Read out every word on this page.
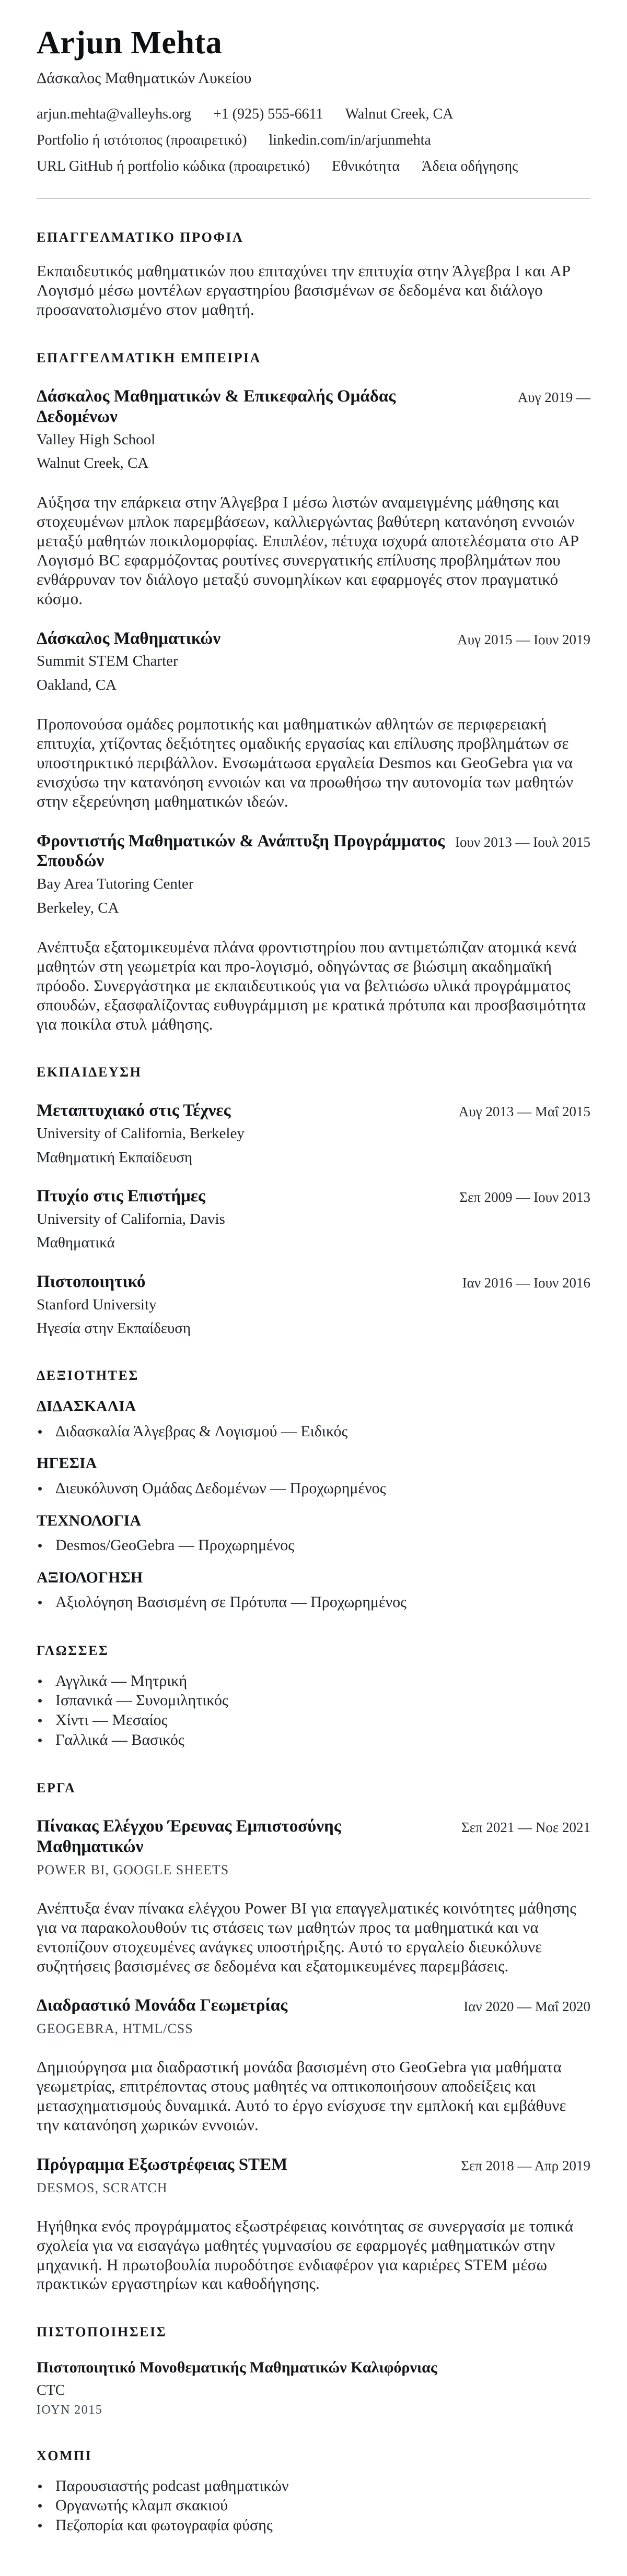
Arjun Mehta
Δάσκαλος Μαθηματικών Λυκείου
arjun.mehta@valleyhs.org +1 (925) 555-6611 Walnut Creek, CA
Portfolio ή ιστότοπος (προαιρετικό) linkedin.com/in/arjunmehta
URL GitHub ή portfolio κώδικα (προαιρετικό) Εθνικότητα Άδεια οδήγησης
ΕΠΑΓΓΕΛΜΑΤΙΚΟ ΠΡΟΦΙΛ

Εκπαιδευτικός μαθηματικών που επιταχύνει την επιτυχία στην Άλγεβρα I και AP Λογισμό μέσω μοντέλων εργαστηρίου βασισμένων σε δεδομένα και διάλογο προσανατολισμένο στον μαθητή.

ΕΠΑΓΓΕΛΜΑΤΙΚΗ ΕΜΠΕΙΡΙΑ
Δάσκαλος Μαθηματικών & Επικεφαλής Ομάδας Δεδομένων
Αυγ 2019 —
Valley High School
Walnut Creek, CA

Αύξησα την επάρκεια στην Άλγεβρα I μέσω λιστών αναμειγμένης μάθησης και στοχευμένων μπλοκ παρεμβάσεων, καλλιεργώντας βαθύτερη κατανόηση εννοιών μεταξύ μαθητών ποικιλομορφίας. Επιπλέον, πέτυχα ισχυρά αποτελέσματα στο AP Λογισμό BC εφαρμόζοντας ρουτίνες συνεργατικής επίλυσης προβλημάτων που ενθάρρυναν τον διάλογο μεταξύ συνομηλίκων και εφαρμογές στον πραγματικό κόσμο.

Δάσκαλος Μαθηματικών	Αυγ 2015 — Ιουν 2019
Summit STEM Charter
Oakland, CA

Προπονούσα ομάδες ρομποτικής και μαθηματικών αθλητών σε περιφερειακή επιτυχία, χτίζοντας δεξιότητες ομαδικής εργασίας και επίλυσης προβλημάτων σε υποστηρικτικό περιβάλλον. Ενσωμάτωσα εργαλεία Desmos και GeoGebra για να ενισχύσω την κατανόηση εννοιών και να προωθήσω την αυτονομία των μαθητών στην εξερεύνηση μαθηματικών ιδεών.

Φροντιστής Μαθηματικών & Ανάπτυξη Προγράμματος Σπουδών
Ιουν 2013 — Ιουλ 2015
Bay Area Tutoring Center
Berkeley, CA

Ανέπτυξα εξατομικευμένα πλάνα φροντιστηρίου που αντιμετώπιζαν ατομικά κενά μαθητών στη γεωμετρία και προ-λογισμό, οδηγώντας σε βιώσιμη ακαδημαϊκή πρόοδο. Συνεργάστηκα με εκπαιδευτικούς για να βελτιώσω υλικά προγράμματος σπουδών, εξασφαλίζοντας ευθυγράμμιση με κρατικά πρότυπα και προσβασιμότητα για ποικίλα στυλ μάθησης.

ΕΚΠΑΙΔΕΥΣΗ
Μεταπτυχιακό στις Τέχνες	Αυγ 2013 — Μαΐ 2015
University of California, Berkeley
Μαθηματική Εκπαίδευση
Πτυχίο στις Επιστήμες	Σεπ 2009 — Ιουν 2013
University of California, Davis
Μαθηματικά
Πιστοποιητικό	Ιαν 2016 — Ιουν 2016
Stanford University
Ηγεσία στην Εκπαίδευση
ΔΕΞΙΟΤΗΤΕΣ
ΔΙΔΑΣΚΑΛΙΑ
Διδασκαλία Άλγεβρας & Λογισμού — Ειδικός
ΗΓΕΣΙΑ
Διευκόλυνση Ομάδας Δεδομένων — Προχωρημένος
ΤΕΧΝΟΛΟΓΙΑ
Desmos/GeoGebra — Προχωρημένος
ΑΞΙΟΛΟΓΗΣΗ
Αξιολόγηση Βασισμένη σε Πρότυπα — Προχωρημένος
ΓΛΩΣΣΕΣ
Αγγλικά — Μητρική
Ισπανικά — Συνομιλητικός
Χίντι — Μεσαίος
Γαλλικά — Βασικός
ΕΡΓΑ
Πίνακας Ελέγχου Έρευνας Εμπιστοσύνης Μαθηματικών
Σεπ 2021 — Νοε 2021
POWER BI, GOOGLE SHEETS

Ανέπτυξα έναν πίνακα ελέγχου Power BI για επαγγελματικές κοινότητες μάθησης για να παρακολουθούν τις στάσεις των μαθητών προς τα μαθηματικά και να εντοπίζουν στοχευμένες ανάγκες υποστήριξης. Αυτό το εργαλείο διευκόλυνε συζητήσεις βασισμένες σε δεδομένα και εξατομικευμένες παρεμβάσεις.

Διαδραστικό Μονάδα Γεωμετρίας	Ιαν 2020 — Μαΐ 2020
GEOGEBRA, HTML/CSS

Δημιούργησα μια διαδραστική μονάδα βασισμένη στο GeoGebra για μαθήματα γεωμετρίας, επιτρέποντας στους μαθητές να οπτικοποιήσουν αποδείξεις και μετασχηματισμούς δυναμικά. Αυτό το έργο ενίσχυσε την εμπλοκή και εμβάθυνε την κατανόηση χωρικών εννοιών.

Πρόγραμμα Εξωστρέφειας STEM	Σεπ 2018 — Απρ 2019
DESMOS, SCRATCH

Ηγήθηκα ενός προγράμματος εξωστρέφειας κοινότητας σε συνεργασία με τοπικά σχολεία για να εισαγάγω μαθητές γυμνασίου σε εφαρμογές μαθηματικών στην μηχανική. Η πρωτοβουλία πυροδότησε ενδιαφέρον για καριέρες STEM μέσω πρακτικών εργαστηρίων και καθοδήγησης.

ΠΙΣΤΟΠΟΙΗΣΕΙΣ
Πιστοποιητικό Μονοθεματικής Μαθηματικών Καλιφόρνιας
CTC
ΙΟΥΝ 2015
ΧΟΜΠΙ
Παρουσιαστής podcast μαθηματικών
Οργανωτής κλαμπ σκακιού
Πεζοπορία και φωτογραφία φύσης
